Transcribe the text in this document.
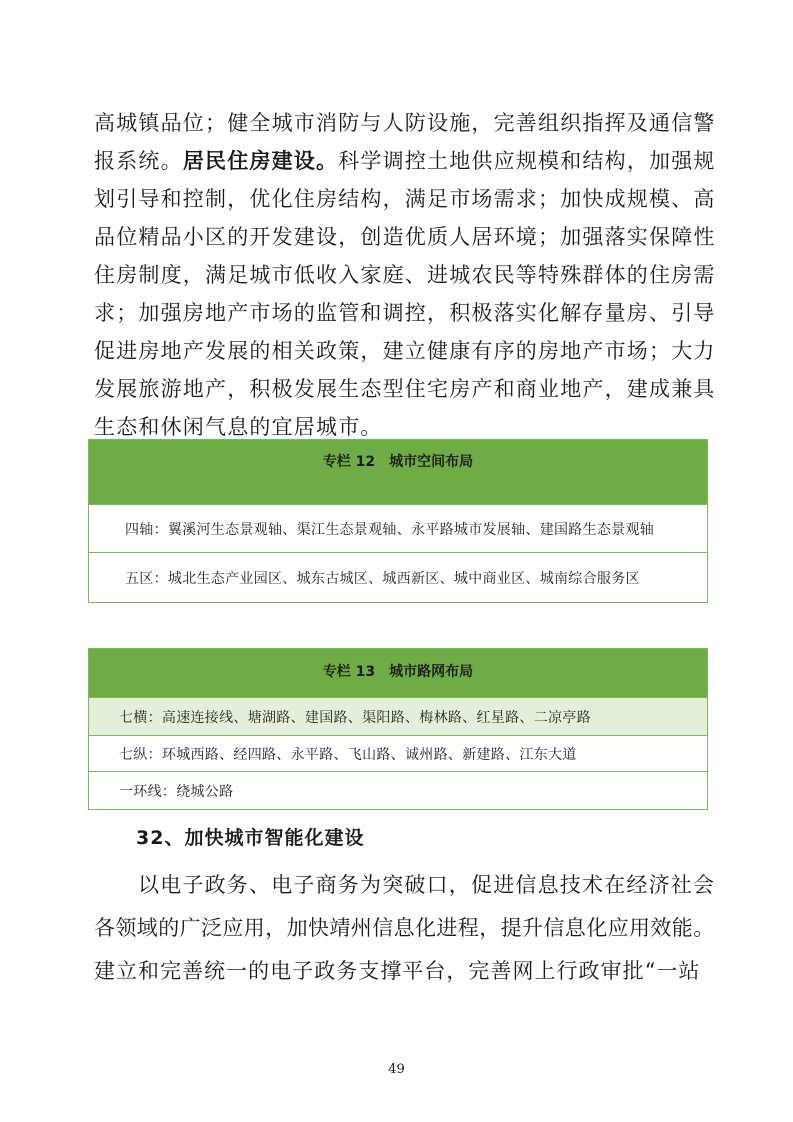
高城镇品位；健全城市消防与人防设施，完善组织指挥及通信警
报系统。居民住房建设。科学调控土地供应规模和结构，加强规
划引导和控制，优化住房结构，满足市场需求；加快成规模、高
品位精品小区的开发建设，创造优质人居环境；加强落实保障性
住房制度，满足城市低收入家庭、进城农民等特殊群体的住房需
求；加强房地产市场的监管和调控，积极落实化解存量房、引导
促进房地产发展的相关政策，建立健康有序的房地产市场；大力
发展旅游地产，积极发展生态型住宅房产和商业地产，建成兼具
生态和休闲气息的宜居城市。
专栏 12　城市空间布局
四轴：翼溪河生态景观轴、渠江生态景观轴、永平路城市发展轴、建国路生态景观轴
五区：城北生态产业园区、城东古城区、城西新区、城中商业区、城南综合服务区
专栏 13　城市路网布局
七横：高速连接线、塘湖路、建国路、渠阳路、梅林路、红星路、二凉亭路
七纵：环城西路、经四路、永平路、飞山路、诚州路、新建路、江东大道
一环线：绕城公路
32、加快城市智能化建设
以电子政务、电子商务为突破口，促进信息技术在经济社会
各领域的广泛应用，加快靖州信息化进程，提升信息化应用效能。
建立和完善统一的电子政务支撑平台，完善网上行政审批“一站
49
